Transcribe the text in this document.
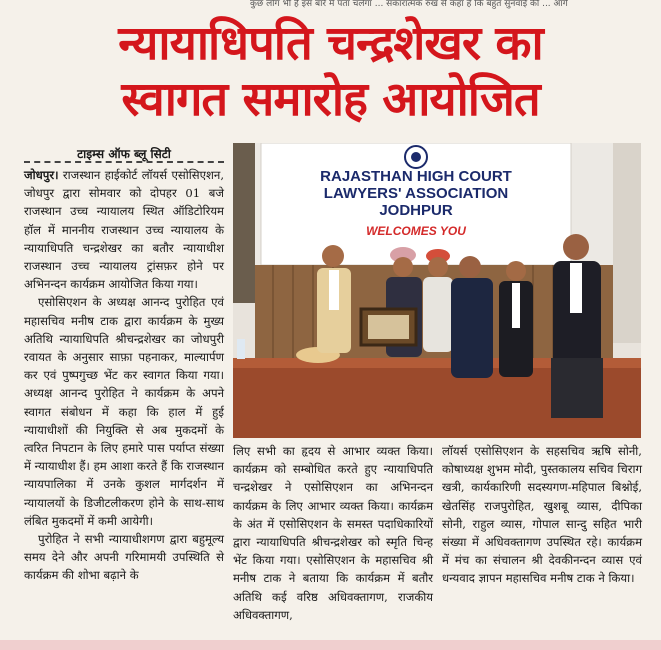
कुछ लोग भी है इस बारे में पता चलेगा ... सकारात्मक रुख से कहा है कि बहुत सुनवाई की ... आगे
न्यायाधिपति चन्द्रशेखर का
स्वागत समारोह आयोजित
टाइम्स ऑफ ब्लू सिटी

जोधपुर। राजस्थान हाईकोर्ट लॉयर्स एसोसिएशन, जोधपुर द्वारा सोमवार को दोपहर 01 बजे राजस्थान उच्च न्यायालय स्थित ऑडिटोरियम हॉल में माननीय राजस्थान उच्च न्यायालय के न्यायाधिपति चन्द्रशेखर का बतौर न्यायाधीश राजस्थान उच्च न्यायालय ट्रांसफ़र होने पर अभिनन्दन कार्यक्रम आयोजित किया गया।

एसोसिएशन के अध्यक्ष आनन्द पुरोहित एवं महासचिव मनीष टाक द्वारा कार्यक्रम के मुख्य अतिथि न्यायाधिपति श्रीचन्द्रशेखर का जोधपुरी रवायत के अनुसार साफ़ा पहनाकर, माल्यार्पण कर एवं पुष्पगुच्छ भेंट कर स्वागत किया गया। अध्यक्ष आनन्द पुरोहित ने कार्यक्रम के अपने स्वागत संबोधन में कहा कि हाल में हुई न्यायाधीशों की नियुक्ति से अब मुकदमों के त्वरित निपटान के लिए हमारे पास पर्याप्त संख्या में न्यायाधीश हैं। हम आशा करते हैं कि राजस्थान न्यायपालिका में उनके कुशल मार्गदर्शन में न्यायालयों के डिजीटलीकरण होने के साथ-साथ लंबित मुकदमों में कमी आयेगी।

पुरोहित ने सभी न्यायाधीशगण द्वारा बहुमूल्य समय देने और अपनी गरिमामयी उपस्थिति से कार्यक्रम की शोभा बढ़ाने के

RAJASTHAN HIGH COURT
LAWYERS' ASSOCIATION
JODHPUR
WELCOMES YOU

लिए सभी का हृदय से आभार व्यक्त किया। कार्यक्रम को सम्बोधित करते हुए न्यायाधिपति चन्द्रशेखर ने एसोसिएशन का अभिनन्दन कार्यक्रम के लिए आभार व्यक्त किया। कार्यक्रम के अंत में एसोसिएशन के समस्त पदाधिकारियों द्वारा न्यायाधिपति श्रीचन्द्रशेखर को स्मृति चिन्ह भेंट किया गया। एसोसिएशन के महासचिव श्री मनीष टाक ने बताया कि कार्यक्रम में बतौर अतिथि कई वरिष्ठ अधिवक्तागण, राजकीय अधिवक्तागण,

लॉयर्स एसोसिएशन के सहसचिव ऋषि सोनी, कोषाध्यक्ष शुभम मोदी, पुस्तकालय सचिव चिराग खत्री, कार्यकारिणी सदस्यगण-महिपाल बिश्नोई, खेतसिंह राजपुरोहित, खुशबू व्यास, दीपिका सोनी, राहुल व्यास, गोपाल सान्दु सहित भारी संख्या में अधिवक्तागण उपस्थित रहे। कार्यक्रम में मंच का संचालन श्री देवकीनन्दन व्यास एवं धन्यवाद ज्ञापन महासचिव मनीष टाक ने किया।
